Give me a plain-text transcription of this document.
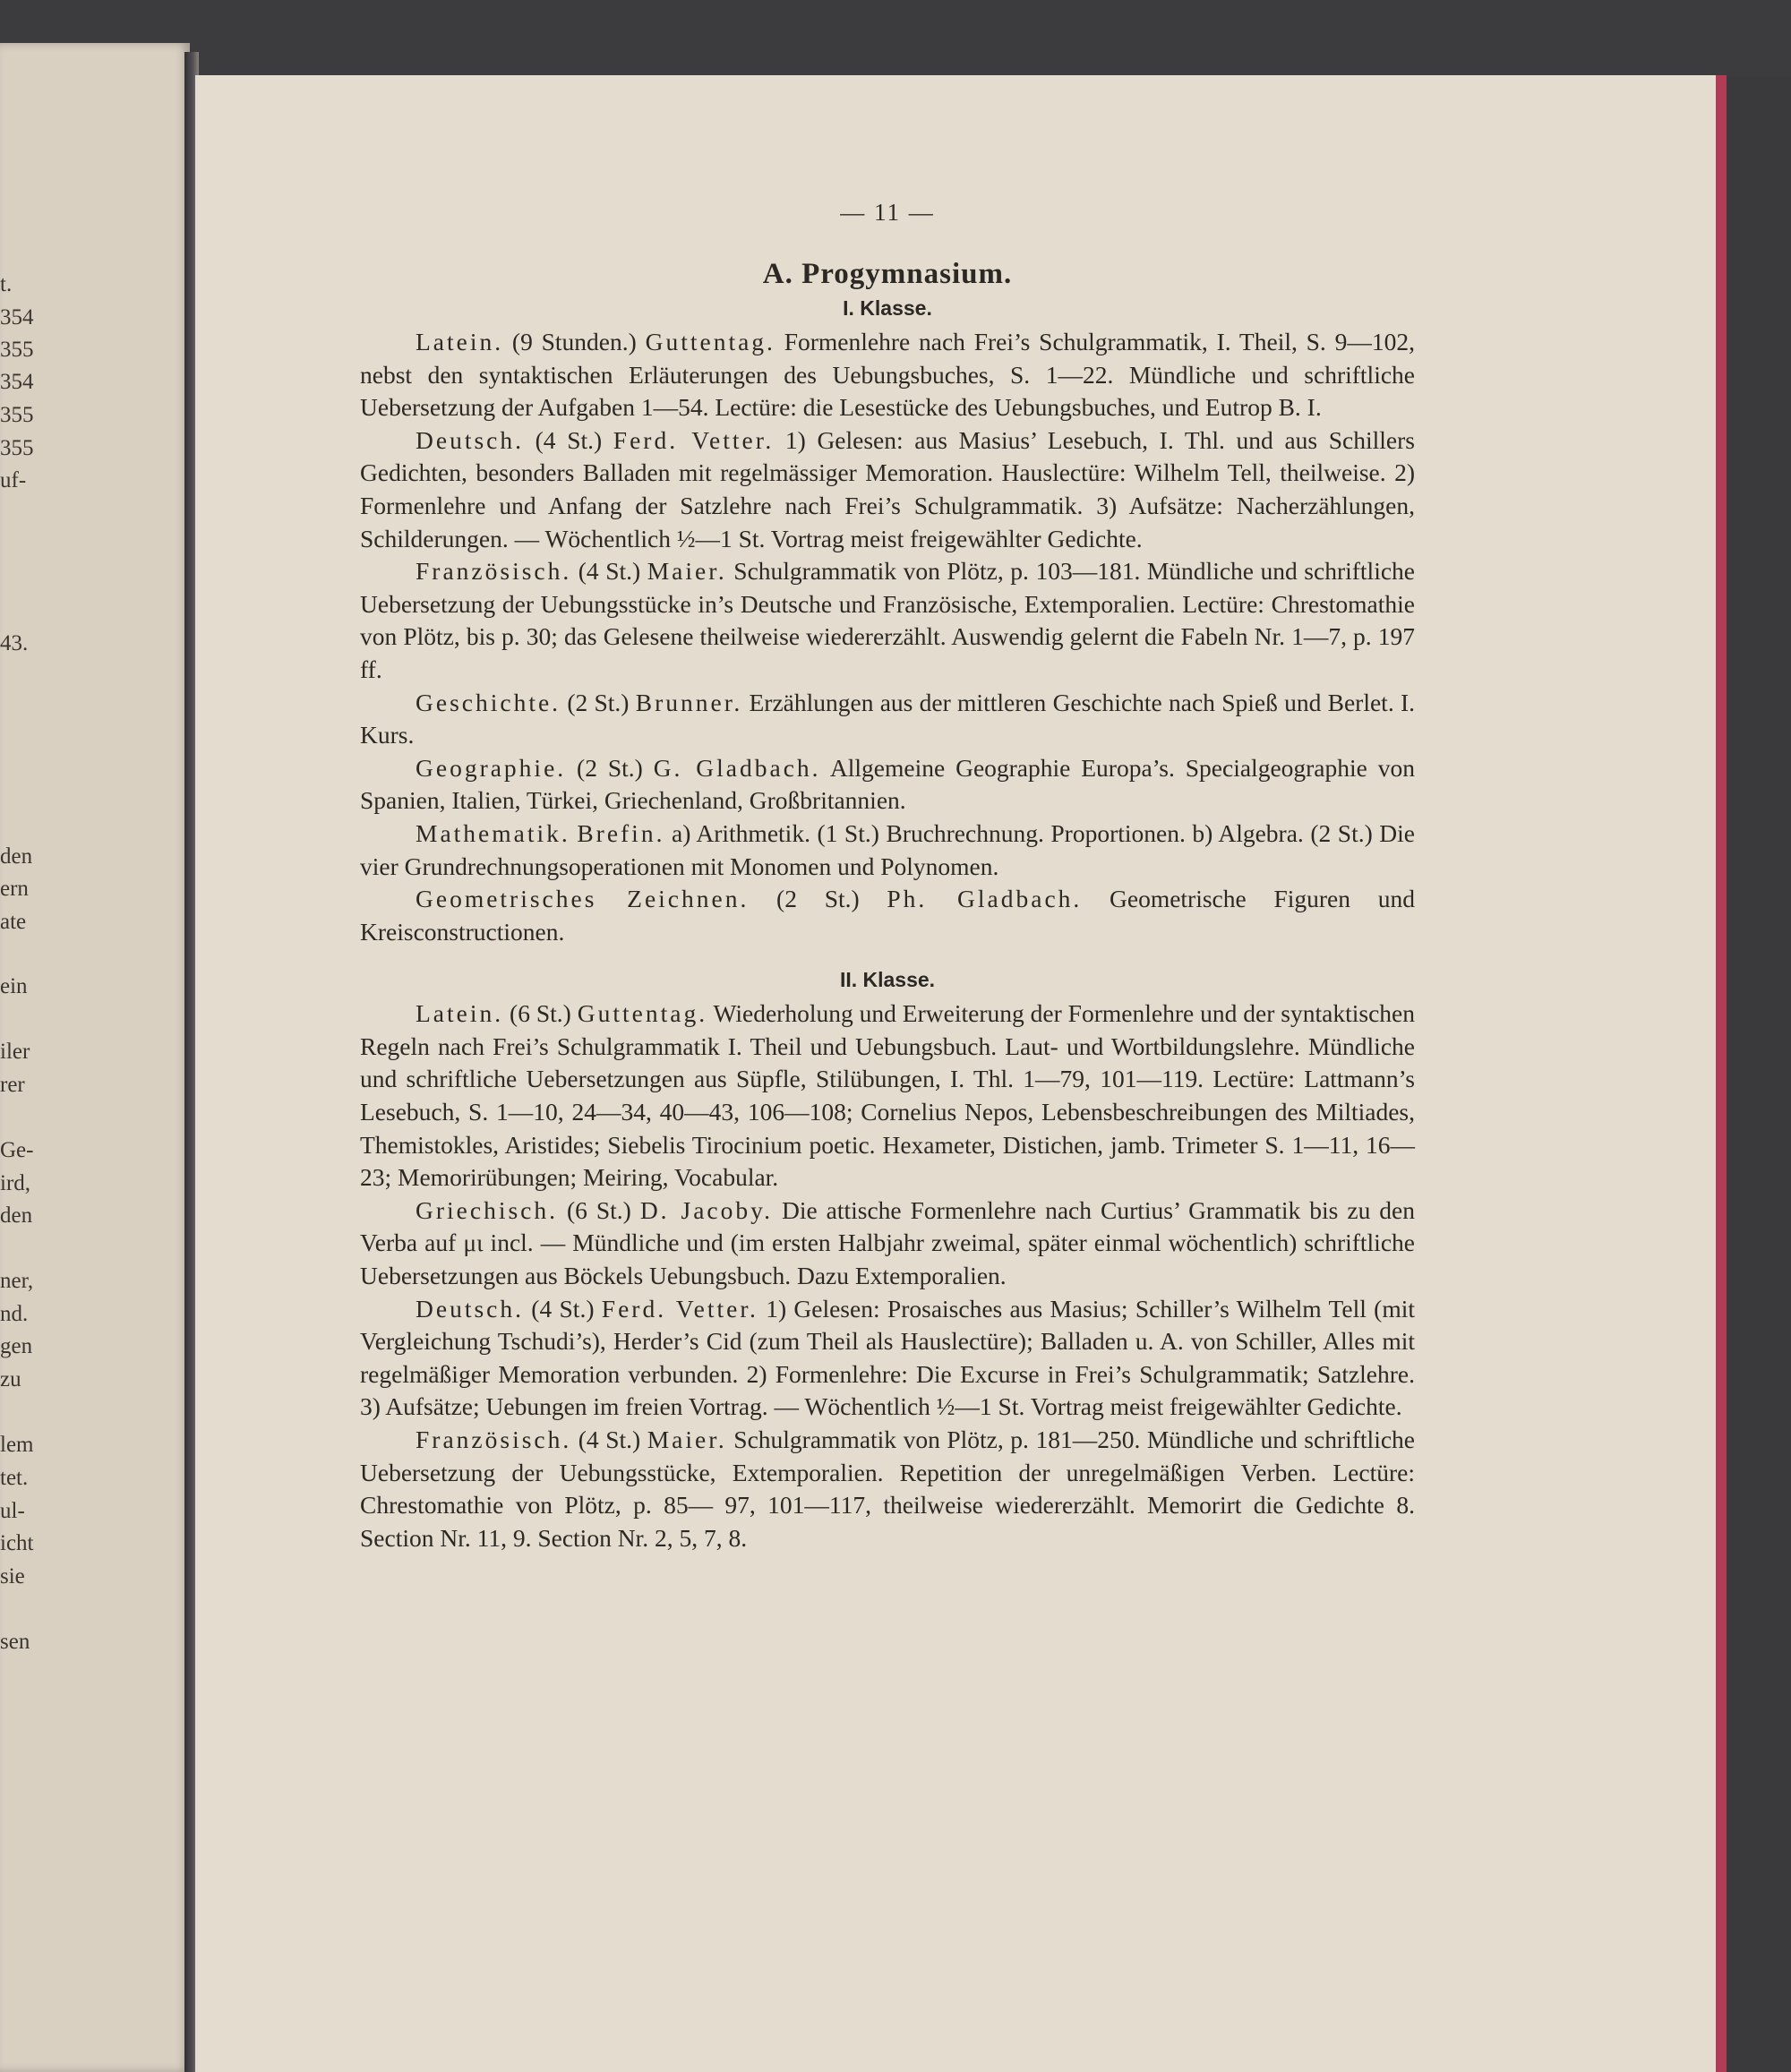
t.
354
355
354
355
355
uf-
43.
den
ern
ate
ein
iler
rer
Ge-
ird,
den
ner,
nd.
gen
zu
lem
tet.
ul-
icht
sie
sen
— 11 —
A. Progymnasium.
I. Klasse.

Latein. (9 Stunden.) Guttentag. Formenlehre nach Frei’s Schulgrammatik, I. Theil, S. 9—102, nebst den syntaktischen Erläuterungen des Uebungsbuches, S. 1—22. Mündliche und schriftliche Uebersetzung der Aufgaben 1—54. Lectüre: die Lesestücke des Uebungsbuches, und Eutrop B. I.

Deutsch. (4 St.) Ferd. Vetter. 1) Gelesen: aus Masius’ Lesebuch, I. Thl. und aus Schillers Gedichten, besonders Balladen mit regelmässiger Memoration. Hauslectüre: Wilhelm Tell, theilweise. 2) Formenlehre und Anfang der Satzlehre nach Frei’s Schulgrammatik. 3) Aufsätze: Nacherzählungen, Schilderungen. — Wöchentlich ½—1 St. Vortrag meist freigewählter Gedichte.

Französisch. (4 St.) Maier. Schulgrammatik von Plötz, p. 103—181. Mündliche und schriftliche Uebersetzung der Uebungsstücke in’s Deutsche und Französische, Extemporalien. Lectüre: Chrestomathie von Plötz, bis p. 30; das Gelesene theilweise wiedererzählt. Auswendig gelernt die Fabeln Nr. 1—7, p. 197 ff.

Geschichte. (2 St.) Brunner. Erzählungen aus der mittleren Geschichte nach Spieß und Berlet. I. Kurs.

Geographie. (2 St.) G. Gladbach. Allgemeine Geographie Europa’s. Specialgeographie von Spanien, Italien, Türkei, Griechenland, Großbritannien.

Mathematik. Brefin. a) Arithmetik. (1 St.) Bruchrechnung. Proportionen. b) Algebra. (2 St.) Die vier Grundrechnungsoperationen mit Monomen und Polynomen.

Geometrisches Zeichnen. (2 St.) Ph. Gladbach. Geometrische Figuren und Kreisconstructionen.

II. Klasse.

Latein. (6 St.) Guttentag. Wiederholung und Erweiterung der Formenlehre und der syntaktischen Regeln nach Frei’s Schulgrammatik I. Theil und Uebungsbuch. Laut- und Wortbildungslehre. Mündliche und schriftliche Uebersetzungen aus Süpfle, Stilübungen, I. Thl. 1—79, 101—119. Lectüre: Lattmann’s Lesebuch, S. 1—10, 24—34, 40—43, 106—108; Cornelius Nepos, Lebensbeschreibungen des Miltiades, Themistokles, Aristides; Siebelis Tirocinium poetic. Hexameter, Distichen, jamb. Trimeter S. 1—11, 16—23; Memorirübungen; Meiring, Vocabular.

Griechisch. (6 St.) D. Jacoby. Die attische Formenlehre nach Curtius’ Grammatik bis zu den Verba auf μι incl. — Mündliche und (im ersten Halbjahr zweimal, später einmal wöchentlich) schriftliche Uebersetzungen aus Böckels Uebungsbuch. Dazu Extemporalien.

Deutsch. (4 St.) Ferd. Vetter. 1) Gelesen: Prosaisches aus Masius; Schiller’s Wilhelm Tell (mit Vergleichung Tschudi’s), Herder’s Cid (zum Theil als Hauslectüre); Balladen u. A. von Schiller, Alles mit regelmäßiger Memoration verbunden. 2) Formenlehre: Die Excurse in Frei’s Schulgrammatik; Satzlehre. 3) Aufsätze; Uebungen im freien Vortrag. — Wöchentlich ½—1 St. Vortrag meist freigewählter Gedichte.

Französisch. (4 St.) Maier. Schulgrammatik von Plötz, p. 181—250. Mündliche und schriftliche Uebersetzung der Uebungsstücke, Extemporalien. Repetition der unregelmäßigen Verben. Lectüre: Chrestomathie von Plötz, p. 85— 97, 101—117, theilweise wiedererzählt. Memorirt die Gedichte 8. Section Nr. 11, 9. Section Nr. 2, 5, 7, 8.
